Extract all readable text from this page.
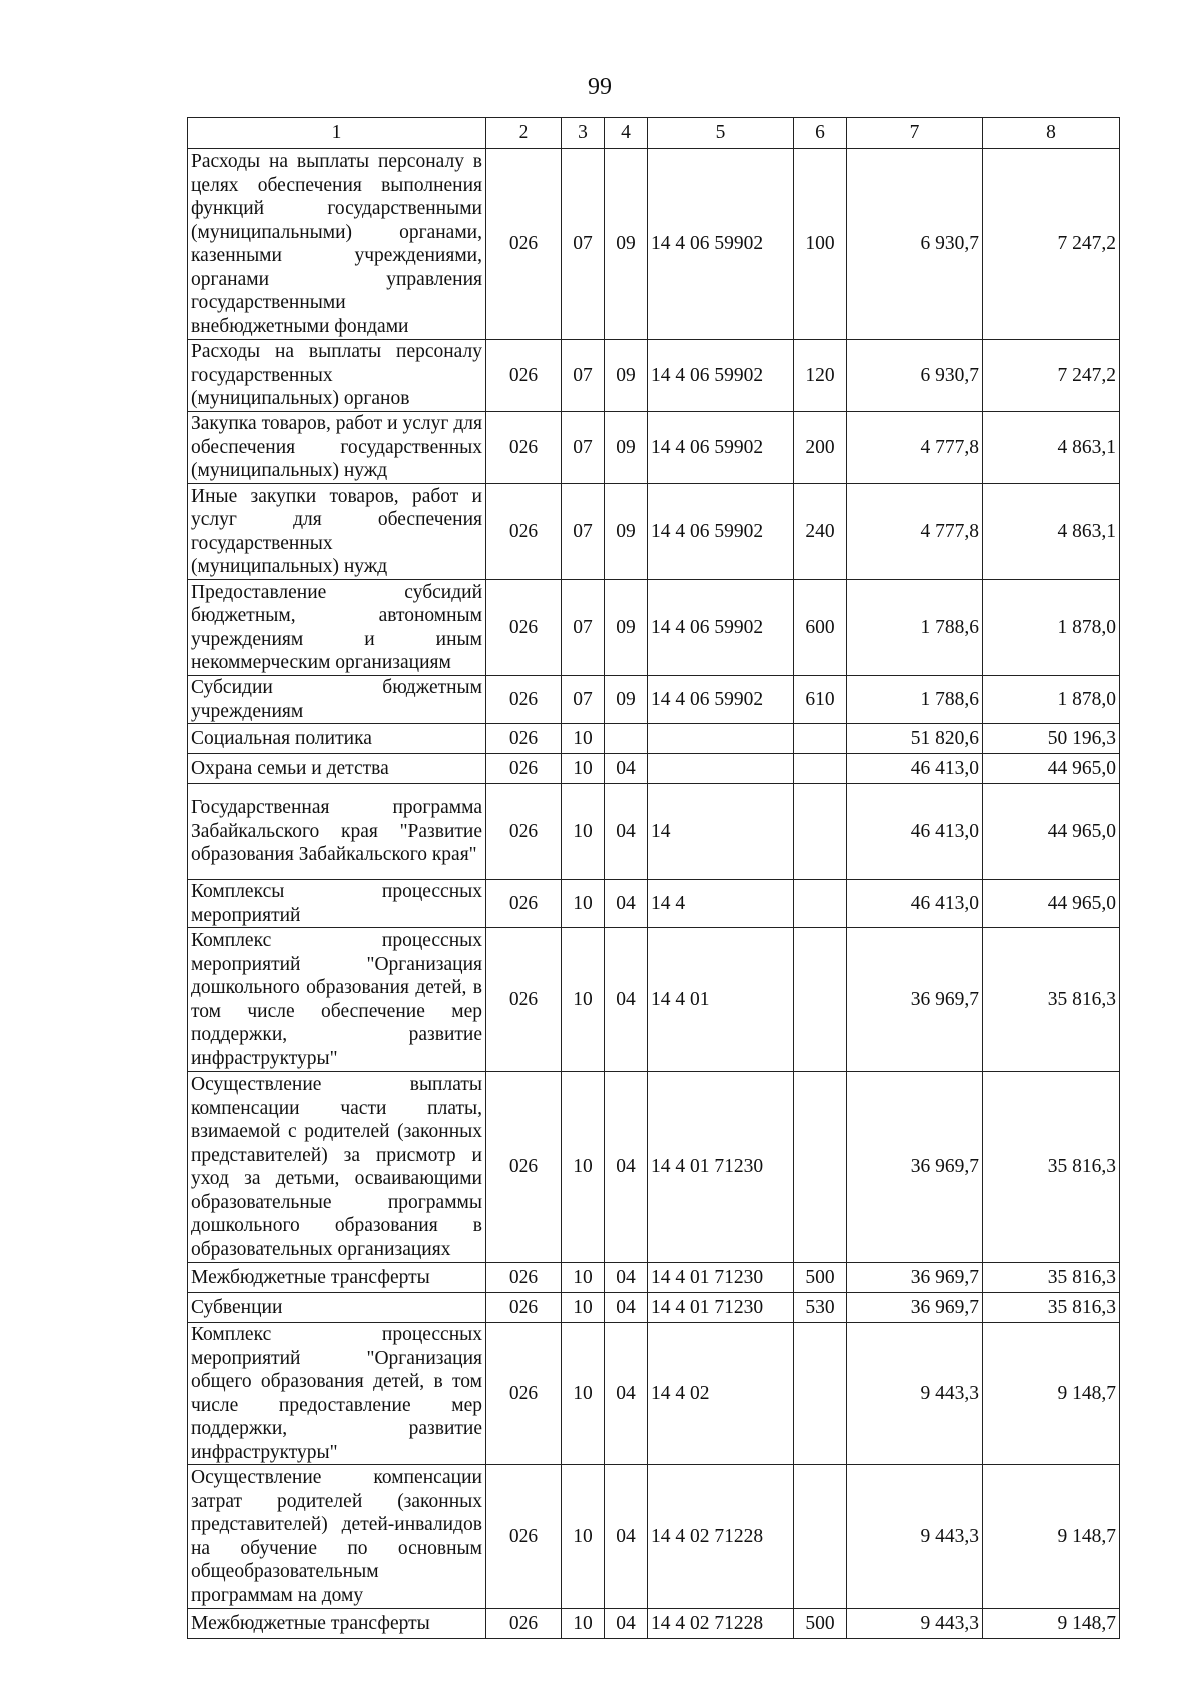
99
1	2	3	4	5	6	7	8
Расходы на выплаты персоналу в целях обеспечения выполнения функций государственными (муниципальными) органами, казенными учреждениями, органами управления государственными внебюджетными фондами	026	07	09	14 4 06 59902	100	6 930,7	7 247,2
Расходы на выплаты персоналу государственных (муниципальных) органов	026	07	09	14 4 06 59902	120	6 930,7	7 247,2
Закупка товаров, работ и услуг для обеспечения государственных (муниципальных) нужд	026	07	09	14 4 06 59902	200	4 777,8	4 863,1
Иные закупки товаров, работ и услуг для обеспечения государственных (муниципальных) нужд	026	07	09	14 4 06 59902	240	4 777,8	4 863,1
Предоставление субсидий бюджетным, автономным учреждениям и иным некоммерческим организациям	026	07	09	14 4 06 59902	600	1 788,6	1 878,0
Субсидии бюджетным учреждениям	026	07	09	14 4 06 59902	610	1 788,6	1 878,0
Социальная политика	026	10				51 820,6	50 196,3
Охрана семьи и детства	026	10	04			46 413,0	44 965,0
Государственная программа Забайкальского края "Развитие образования Забайкальского края"	026	10	04	14		46 413,0	44 965,0
Комплексы процессных мероприятий	026	10	04	14 4		46 413,0	44 965,0
Комплекс процессных мероприятий "Организация дошкольного образования детей, в том числе обеспечение мер поддержки, развитие инфраструктуры"	026	10	04	14 4 01		36 969,7	35 816,3
Осуществление выплаты компенсации части платы, взимаемой с родителей (законных представителей) за присмотр и уход за детьми, осваивающими образовательные программы дошкольного образования в образовательных организациях	026	10	04	14 4 01 71230		36 969,7	35 816,3
Межбюджетные трансферты	026	10	04	14 4 01 71230	500	36 969,7	35 816,3
Субвенции	026	10	04	14 4 01 71230	530	36 969,7	35 816,3
Комплекс процессных мероприятий "Организация общего образования детей, в том числе предоставление мер поддержки, развитие инфраструктуры"	026	10	04	14 4 02		9 443,3	9 148,7
Осуществление компенсации затрат родителей (законных представителей) детей-инвалидов на обучение по основным общеобразовательным программам на дому	026	10	04	14 4 02 71228		9 443,3	9 148,7
Межбюджетные трансферты	026	10	04	14 4 02 71228	500	9 443,3	9 148,7
